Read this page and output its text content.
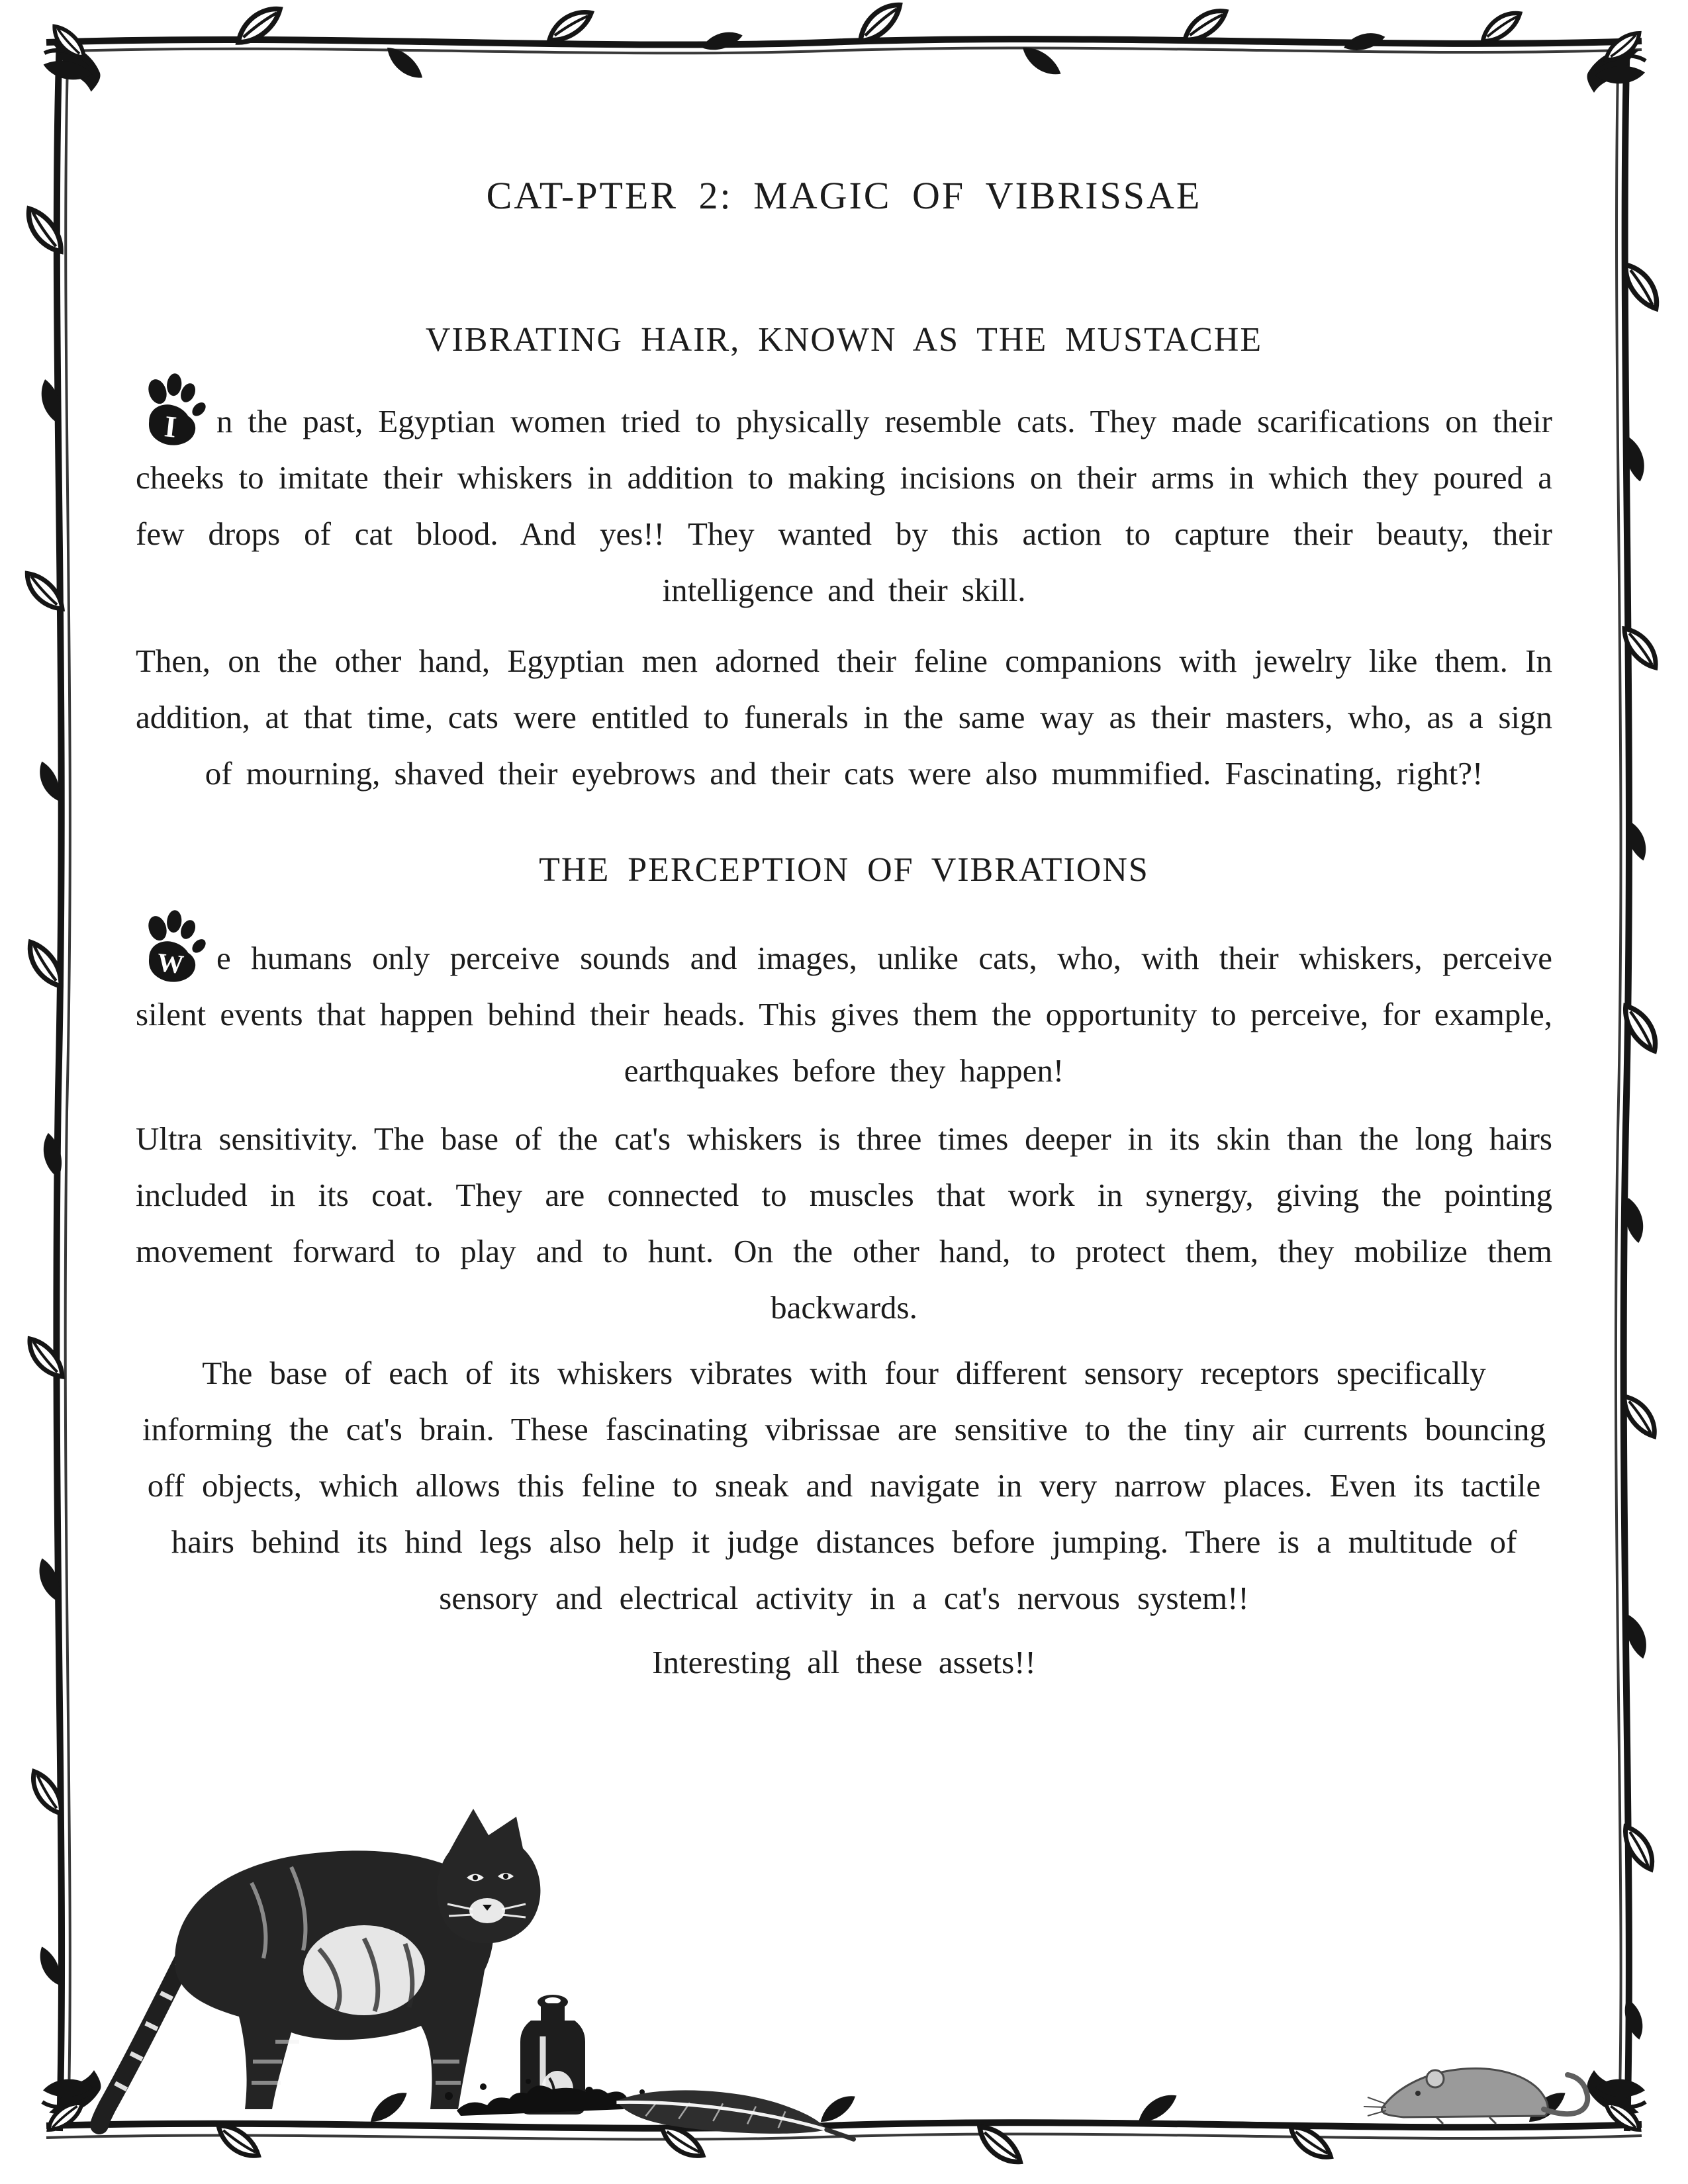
CAT-PTER 2: MAGIC OF VIBRISSAE
VIBRATING HAIR, KNOWN AS THE MUSTACHE

I n the past, Egyptian women tried to physically resemble cats. They made scarifications on their cheeks to imitate their whiskers in addition to making incisions on their arms in which they poured a few drops of cat blood. And yes!! They wanted by this action to capture their beauty, their intelligence and their skill.

Then, on the other hand, Egyptian men adorned their feline companions with jewelry like them. In addition, at that time, cats were entitled to funerals in the same way as their masters, who, as a sign of mourning, shaved their eyebrows and their cats were also mummified. Fascinating, right?!

THE PERCEPTION OF VIBRATIONS

W e humans only perceive sounds and images, unlike cats, who, with their whiskers, perceive silent events that happen behind their heads. This gives them the opportunity to perceive, for example, earthquakes before they happen!

Ultra sensitivity. The base of the cat's whiskers is three times deeper in its skin than the long hairs included in its coat. They are connected to muscles that work in synergy, giving the pointing movement forward to play and to hunt. On the other hand, to protect them, they mobilize them backwards.

The base of each of its whiskers vibrates with four different sensory receptors specifically informing the cat's brain. These fascinating vibrissae are sensitive to the tiny air currents bouncing off objects, which allows this feline to sneak and navigate in very narrow places. Even its tactile hairs behind its hind legs also help it judge distances before jumping. There is a multitude of sensory and electrical activity in a cat's nervous system!!

Interesting all these assets!!
